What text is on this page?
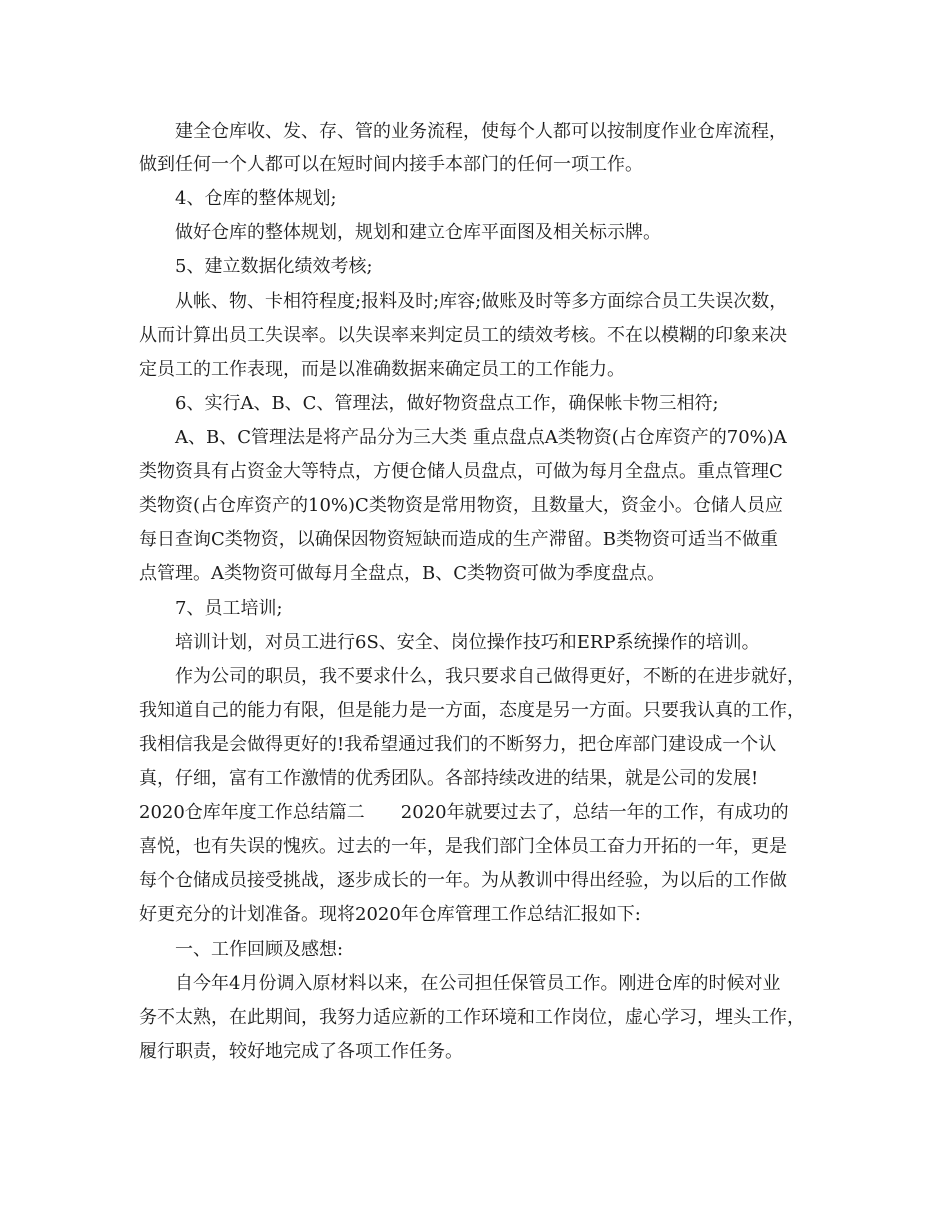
建全仓库收、发、存、管的业务流程，使每个人都可以按制度作业仓库流程，
做到任何一个人都可以在短时间内接手本部门的任何一项工作。
4、仓库的整体规划;
做好仓库的整体规划，规划和建立仓库平面图及相关标示牌。
5、建立数据化绩效考核;
从帐、物、卡相符程度;报料及时;库容;做账及时等多方面综合员工失误次数，
从而计算出员工失误率。以失误率来判定员工的绩效考核。不在以模糊的印象来决
定员工的工作表现，而是以准确数据来确定员工的工作能力。
6、实行A、B、C、管理法，做好物资盘点工作，确保帐卡物三相符;
A、B、C管理法是将产品分为三大类 重点盘点A类物资(占仓库资产的70%)A
类物资具有占资金大等特点，方便仓储人员盘点，可做为每月全盘点。重点管理C
类物资(占仓库资产的10%)C类物资是常用物资，且数量大，资金小。仓储人员应
每日查询C类物资，以确保因物资短缺而造成的生产滞留。B类物资可适当不做重
点管理。A类物资可做每月全盘点，B、C类物资可做为季度盘点。
7、员工培训;
培训计划，对员工进行6S、安全、岗位操作技巧和ERP系统操作的培训。
作为公司的职员，我不要求什么，我只要求自己做得更好，不断的在进步就好，
我知道自己的能力有限，但是能力是一方面，态度是另一方面。只要我认真的工作，
我相信我是会做得更好的!我希望通过我们的不断努力，把仓库部门建设成一个认
真，仔细，富有工作激情的优秀团队。各部持续改进的结果，就是公司的发展!
2020仓库年度工作总结篇二　　2020年就要过去了，总结一年的工作，有成功的
喜悦，也有失误的愧疚。过去的一年，是我们部门全体员工奋力开拓的一年，更是
每个仓储成员接受挑战，逐步成长的一年。为从教训中得出经验，为以后的工作做
好更充分的计划准备。现将2020年仓库管理工作总结汇报如下:
一、工作回顾及感想:
自今年4月份调入原材料以来，在公司担任保管员工作。刚进仓库的时候对业
务不太熟，在此期间，我努力适应新的工作环境和工作岗位，虚心学习，埋头工作，
履行职责，较好地完成了各项工作任务。
